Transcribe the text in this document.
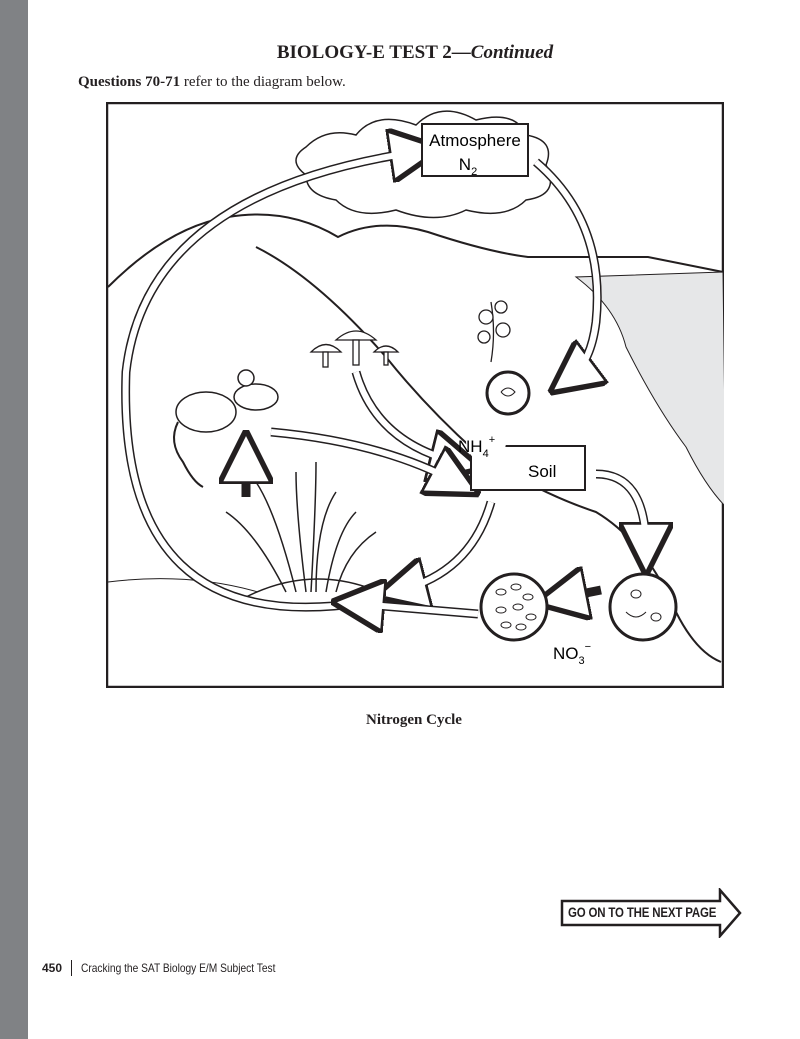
BIOLOGY-E TEST 2—Continued
Questions 70-71 refer to the diagram below.
Atmosphere
$N_2$
$NH_4^+$
Soil
$NO_3^-$
Nitrogen Cycle
GO ON TO THE NEXT PAGE
450 Cracking the SAT Biology E/M Subject Test
